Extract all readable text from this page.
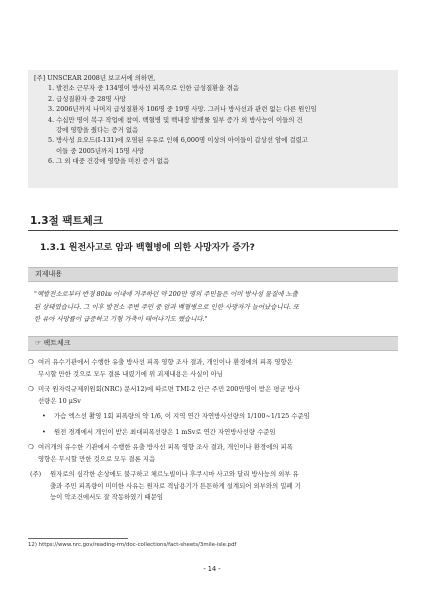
[주] UNSCEAR 2008년 보고서에 의하면,
1. 발전소 근무자 중 134명이 방사선 피폭으로 인한 급성질환을 겪음
2. 급성질환자 중 28명 사망
3. 2006년까지 나머지 급성질환자 106명 중 19명 사망. 그러나 방사선과 관련 없는 다른 원인임
4. 수십만 명이 복구 작업에 참여. 백혈병 및 백내장 발병률 일부 증가 외 방사능이 이들의 건
강에 영향을 줬다는 증거 없음
5. 방사성 요오드(I-131)에 오염된 우유로 인해 6,000명 이상의 아이들이 갑상선 암에 걸렸고
이들 중 2005년까지 15명 사망
6. 그 외 대중 건강에 영향을 미친 증거 없음
1.3절 팩트체크
1.3.1 원전사고로 암과 백혈병에 의한 사망자가 증가?
괴제내용
"핵발전소로부터 반경 80㎞ 이내에 거주하던 약 200만 명의 주민들은 이미 방사성 물질에 노출
된 상태였습니다. 그 이후 발전소 주변 주민 중 암과 백혈병으로 인한 사망자가 늘어났습니다. 또
한 유아 사망률이 급증하고 기형 가축이 태어나기도 했습니다."
☞ 팩트체크
❍ 여러 유수기관에서 수행한 유출 방사선 피폭 영향 조사 결과, 개인이나 환경에의 피폭 영향은
무시할 만한 것으로 모두 결론 내렸기에 위 괴제내용은 사실이 아님
❍ 미국 원자력규제위원회(NRC) 문서12)에 따르면 TMI-2 인근 주민 200만명이 받은 평균 방사
선량은 10 μSv
• 가슴 엑스선 촬영 1회 피폭량의 약 1/6, 이 지역 연간 자연방사선량의 1/100~1/125 수준임
• 원전 경계에서 개인이 받은 최대피폭선량은 1 mSv로 연간 자연방사선량 수준임
❍ 여러개의 유수한 기관에서 수행한 유출 방사선 피폭 영향 조사 결과, 개인이나 환경에의 피폭
영향은 무시할 만한 것으로 모두 결론 지음
(주) 원자로의 심각한 손상에도 불구하고 체르노빌이나 후쿠시마 사고와 달리 방사능의 외부 유
출과 주민 피폭량이 미미한 사유는 원자로 격납용기가 튼튼하게 설계되어 외부와의 밀폐 기
능이 악조건에서도 잘 작동하였기 때문임
12) https://www.nrc.gov/reading-rm/doc-collections/fact-sheets/3mile-isle.pdf
- 14 -
